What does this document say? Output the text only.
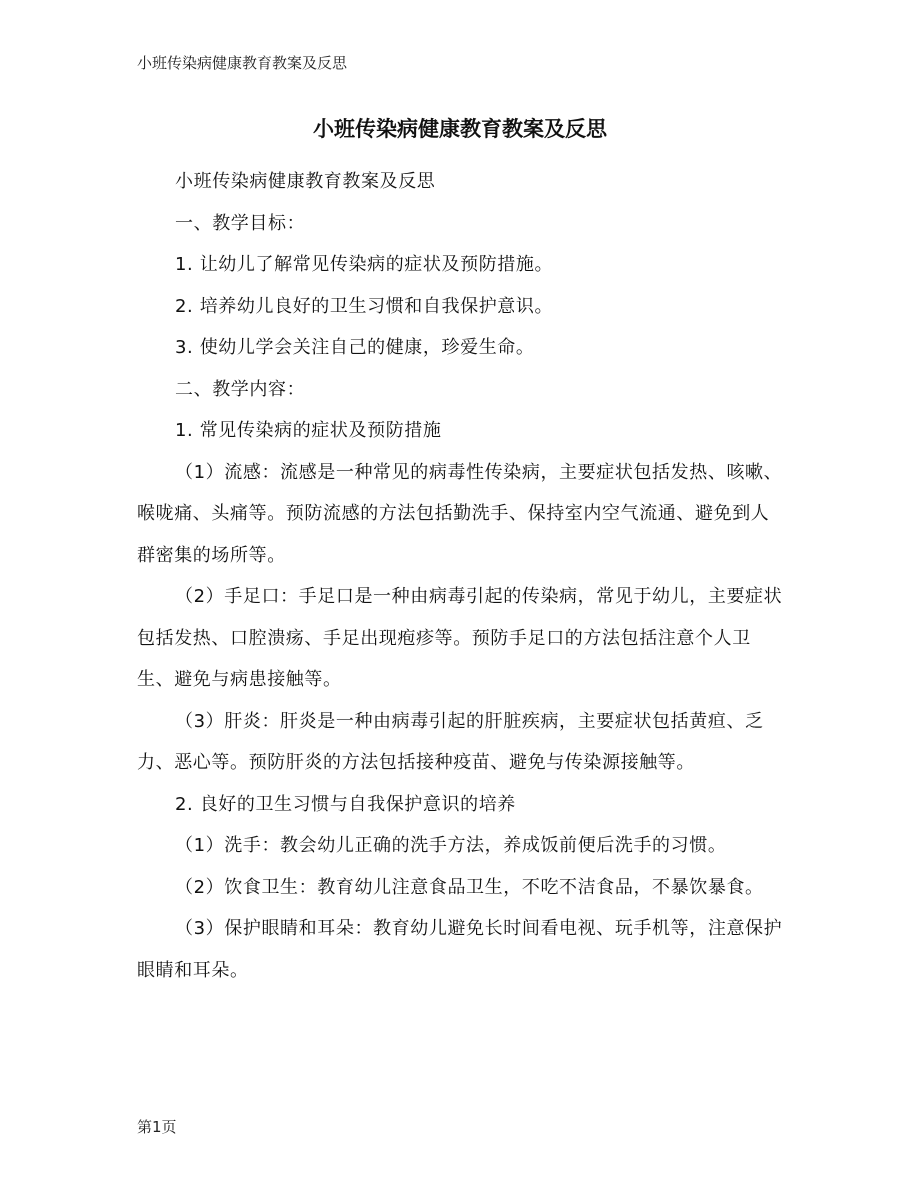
小班传染病健康教育教案及反思
小班传染病健康教育教案及反思

小班传染病健康教育教案及反思

一、教学目标：

1. 让幼儿了解常见传染病的症状及预防措施。

2. 培养幼儿良好的卫生习惯和自我保护意识。

3. 使幼儿学会关注自己的健康，珍爱生命。

二、教学内容：

1. 常见传染病的症状及预防措施

（1）流感：流感是一种常见的病毒性传染病，主要症状包括发热、咳嗽、喉咙痛、头痛等。预防流感的方法包括勤洗手、保持室内空气流通、避免到人群密集的场所等。

（2）手足口：手足口是一种由病毒引起的传染病，常见于幼儿，主要症状包括发热、口腔溃疡、手足出现疱疹等。预防手足口的方法包括注意个人卫生、避免与病患接触等。

（3）肝炎：肝炎是一种由病毒引起的肝脏疾病，主要症状包括黄疸、乏力、恶心等。预防肝炎的方法包括接种疫苗、避免与传染源接触等。

2. 良好的卫生习惯与自我保护意识的培养

（1）洗手：教会幼儿正确的洗手方法，养成饭前便后洗手的习惯。

（2）饮食卫生：教育幼儿注意食品卫生，不吃不洁食品，不暴饮暴食。

（3）保护眼睛和耳朵：教育幼儿避免长时间看电视、玩手机等，注意保护眼睛和耳朵。

第1页
